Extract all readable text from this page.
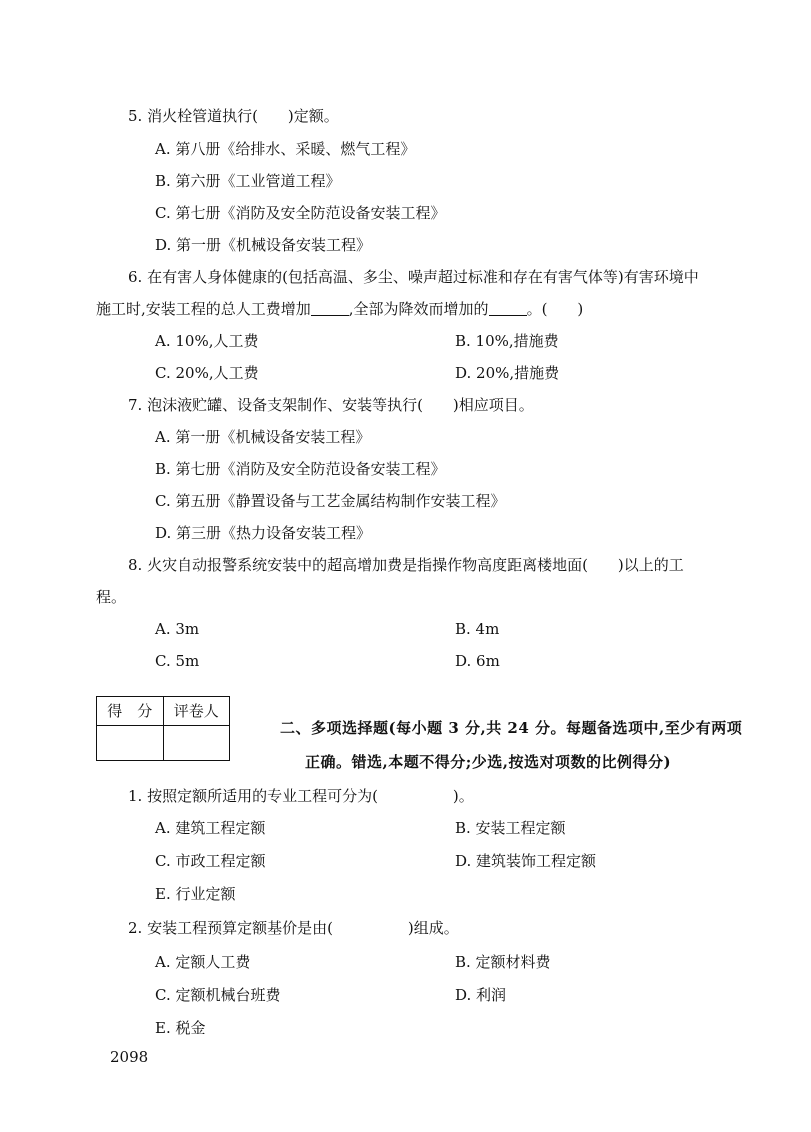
5. 消火栓管道执行(　　)定额。
A. 第八册《给排水、采暖、燃气工程》
B. 第六册《工业管道工程》
C. 第七册《消防及安全防范设备安装工程》
D. 第一册《机械设备安装工程》
6. 在有害人身体健康的(包括高温、多尘、噪声超过标准和存在有害气体等)有害环境中
施工时,安装工程的总人工费增加	,全部为降效而增加的	。(　　)
A. 10%,人工费	B. 10%,措施费
C. 20%,人工费	D. 20%,措施费
7. 泡沫液贮罐、设备支架制作、安装等执行(　　)相应项目。
A. 第一册《机械设备安装工程》
B. 第七册《消防及安全防范设备安装工程》
C. 第五册《静置设备与工艺金属结构制作安装工程》
D. 第三册《热力设备安装工程》
8. 火灾自动报警系统安装中的超高增加费是指操作物高度距离楼地面(　　)以上的工
程。
A. 3m	B. 4m
C. 5m	D. 6m
得　分	评卷人

二、多项选择题(每小题 3 分,共 24 分。每题备选项中,至少有两项
正确。错选,本题不得分;少选,按选对项数的比例得分)
1. 按照定额所适用的专业工程可分为(　　　　　)。
A. 建筑工程定额	B. 安装工程定额
C. 市政工程定额	D. 建筑装饰工程定额
E. 行业定额
2. 安装工程预算定额基价是由(　　　　　)组成。
A. 定额人工费	B. 定额材料费
C. 定额机械台班费	D. 利润
E. 税金
2098
